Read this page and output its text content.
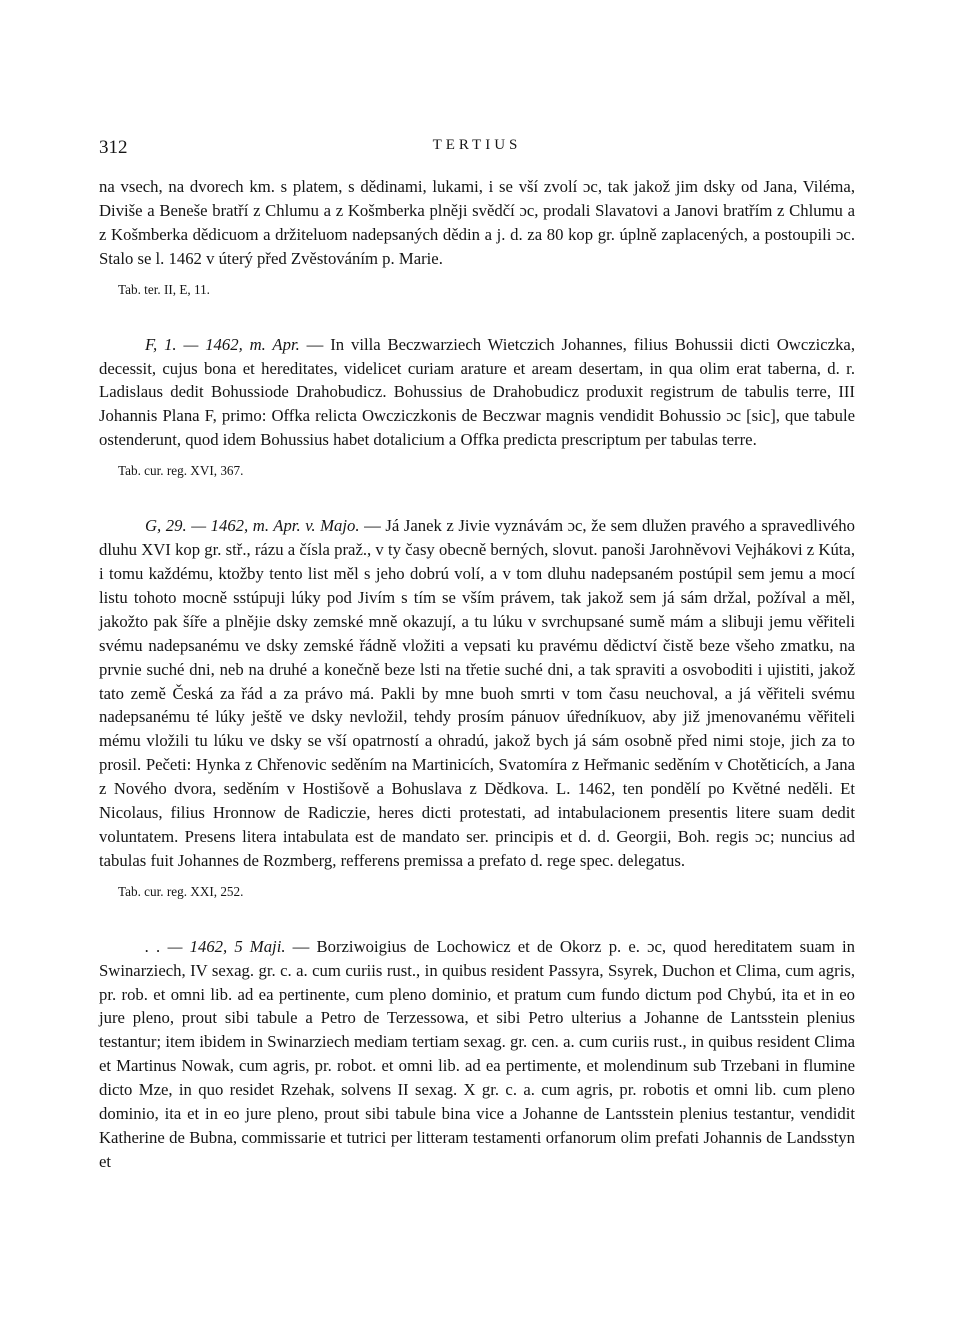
312	TERTIUS

na vsech, na dvorech km. s platem, s dědinami, lukami, i se vší zvolí ɔc, tak jakož jim dsky od Jana, Viléma, Diviše a Beneše bratří z Chlumu a z Košmberka plněji svědčí ɔc, prodali Slavatovi a Janovi bratřím z Chlumu a z Košmberka dědicuom a držiteluom nadepsaných dědin a j. d. za 80 kop gr. úplně zaplacených, a postoupili ɔc. Stalo se l. 1462 v úterý před Zvěstováním p. Marie.

Tab. ter. II, E, 11.

F, 1. — 1462, m. Apr. — In villa Beczwarziech Wietczich Johannes, filius Bohussii dicti Owcziczka, decessit, cujus bona et hereditates, videlicet curiam arature et aream desertam, in qua olim erat taberna, d. r. Ladislaus dedit Bohussiode Drahobudicz. Bohussius de Drahobudicz produxit registrum de tabulis terre, III Johannis Plana F, primo: Offka relicta Owcziczkonis de Beczwar magnis vendidit Bohussio ɔc [sic], que tabule ostenderunt, quod idem Bohussius habet dotalicium a Offka predicta prescriptum per tabulas terre.

Tab. cur. reg. XVI, 367.

G, 29. — 1462, m. Apr. v. Majo. — Já Janek z Jivie vyznávám ɔc, že sem dlužen pravého a spravedlivého dluhu XVI kop gr. stř., rázu a čísla praž., v ty časy obecně berných, slovut. panoši Jarohněvovi Vejhákovi z Kúta, i tomu každému, ktožby tento list měl s jeho dobrú volí, a v tom dluhu nadepsaném postúpil sem jemu a mocí listu tohoto mocně sstúpuji lúky pod Jivím s tím se vším právem, tak jakož sem já sám držal, požíval a měl, jakožto pak šíře a plnějie dsky zemské mně okazují, a tu lúku v svrchupsané sumě mám a slibuji jemu věřiteli svému nadepsanému ve dsky zemské řádně vložiti a vepsati ku pravému dědictví čistě beze všeho zmatku, na prvnie suché dni, neb na druhé a konečně beze lsti na třetie suché dni, a tak spraviti a osvoboditi i ujistiti, jakož tato země Česká za řád a za právo má. Pakli by mne buoh smrti v tom času neuchoval, a já věřiteli svému nadepsanému té lúky ještě ve dsky nevložil, tehdy prosím pánuov úředníkuov, aby již jmenovanému věřiteli mému vložili tu lúku ve dsky se vší opatrností a ohradú, jakož bych já sám osobně před nimi stoje, jich za to prosil. Pečeti: Hynka z Chřenovic seděním na Martinicích, Svatomíra z Heřmanic seděním v Chotěticích, a Jana z Nového dvora, seděním v Hostišově a Bohuslava z Dědkova. L. 1462, ten pondělí po Květné neděli. Et Nicolaus, filius Hronnow de Radiczie, heres dicti protestati, ad intabulacionem presentis litere suam dedit voluntatem. Presens litera intabulata est de mandato ser. principis et d. d. Georgii, Boh. regis ɔc; nuncius ad tabulas fuit Johannes de Rozmberg, refferens premissa a prefato d. rege spec. delegatus.

Tab. cur. reg. XXI, 252.

. . — 1462, 5 Maji. — Borziwoigius de Lochowicz et de Okorz p. e. ɔc, quod hereditatem suam in Swinarziech, IV sexag. gr. c. a. cum curiis rust., in quibus resident Passyra, Ssyrek, Duchon et Clima, cum agris, pr. rob. et omni lib. ad ea pertinente, cum pleno dominio, et pratum cum fundo dictum pod Chybú, ita et in eo jure pleno, prout sibi tabule a Petro de Terzessowa, et sibi Petro ulterius a Johanne de Lantsstein plenius testantur; item ibidem in Swinarziech mediam tertiam sexag. gr. cen. a. cum curiis rust., in quibus resident Clima et Martinus Nowak, cum agris, pr. robot. et omni lib. ad ea pertimente, et molendinum sub Trzebani in flumine dicto Mze, in quo residet Rzehak, solvens II sexag. X gr. c. a. cum agris, pr. robotis et omni lib. cum pleno dominio, ita et in eo jure pleno, prout sibi tabule bina vice a Johanne de Lantsstein plenius testantur, vendidit Katherine de Bubna, commissarie et tutrici per litteram testamenti orfanorum olim prefati Johannis de Landsstyn et
